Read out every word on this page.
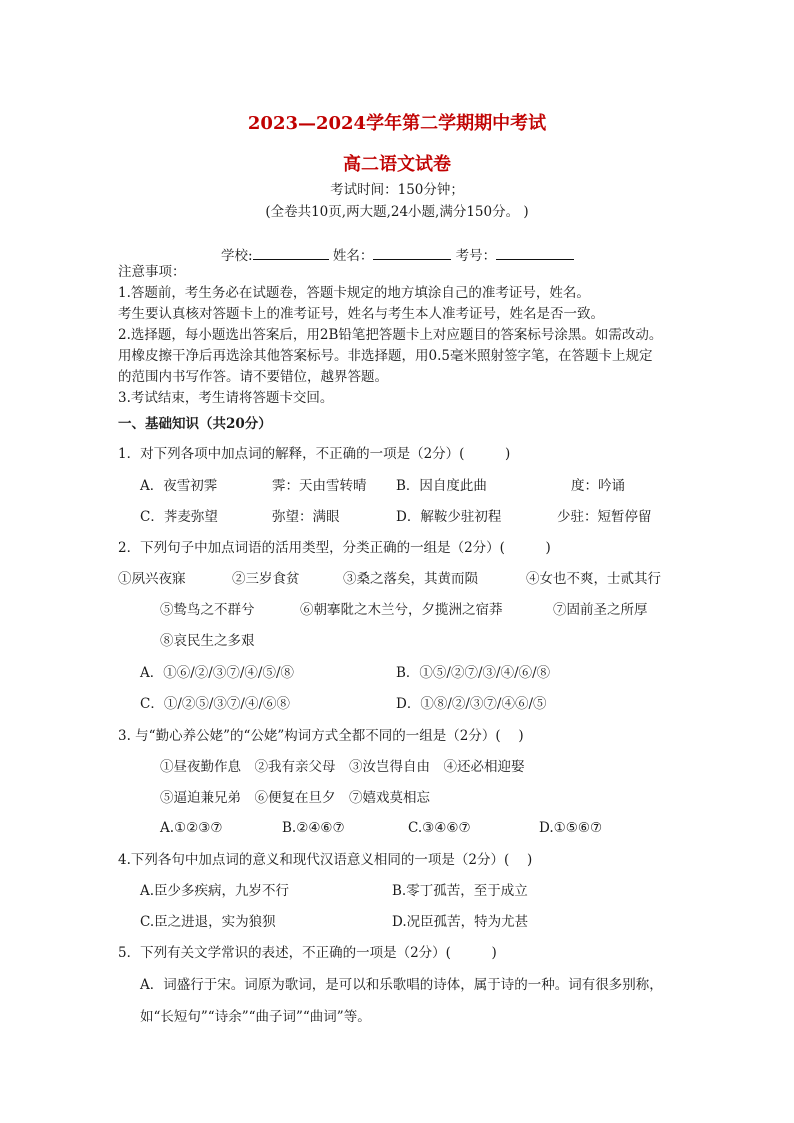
2023—2024学年第二学期期中考试
高二语文试卷
考试时间：150分钟；
(全卷共10页,两大题,24小题,满分150分。 )
学校:	姓名：	考号：
注意事项：
1.答题前，考生务必在试题卷，答题卡规定的地方填涂自己的准考证号，姓名。
考生要认真核对答题卡上的准考证号，姓名与考生本人准考证号，姓名是否一致。
2.选择题，每小题选出答案后，用2B铅笔把答题卡上对应题目的答案标号涂黑。如需改动。
用橡皮擦干净后再选涂其他答案标号。非选择题，用0.5毫米照射签字笔，在答题卡上规定
的范围内书写作答。请不要错位，越界答题。
3.考试结束，考生请将答题卡交回。
一、基础知识（共20分）
1．对下列各项中加点词的解释，不正确的一项是（2分）(　　　)
A．夜雪初霁	霁：天由雪转晴 B．因自度此曲	度：吟诵
C．荠麦弥望	弥望：满眼	D．解鞍少驻初程	少驻：短暂停留
2．下列句子中加点词语的活用类型，分类正确的一组是（2分）(　　　)
①夙兴夜寐	②三岁食贫	③桑之落矣，其黄而陨	④女也不爽，士贰其行
⑤鸷鸟之不群兮	⑥朝搴阰之木兰兮，夕揽洲之宿莽	⑦固前圣之所厚
⑧哀民生之多艰
A．①⑥/②/③⑦/④/⑤/⑧	B．①⑤/②⑦/③/④/⑥/⑧
C．①/②⑤/③⑦/④/⑥⑧	D．①⑧/②/③⑦/④⑥/⑤
3. 与“勤心养公姥”的“公姥”构词方式全都不同的一组是（2分）(　 )
①昼夜勤作息　②我有亲父母　③汝岂得自由　④还必相迎娶
⑤逼迫兼兄弟　⑥便复在旦夕　⑦嬉戏莫相忘
A.①②③⑦	B.②④⑥⑦	C.③④⑥⑦	D.①⑤⑥⑦
4.下列各句中加点词的意义和现代汉语意义相同的一项是（2分）(　 )
A.臣少多疾病，九岁不行	B.零丁孤苦，至于成立
C.臣之进退，实为狼狈	D.况臣孤苦，特为尤甚
5．下列有关文学常识的表述，不正确的一项是（2分）(　　　)
A．词盛行于宋。词原为歌词，是可以和乐歌唱的诗体，属于诗的一种。词有很多别称，
如“长短句”“诗余”“曲子词”“曲词”等。
